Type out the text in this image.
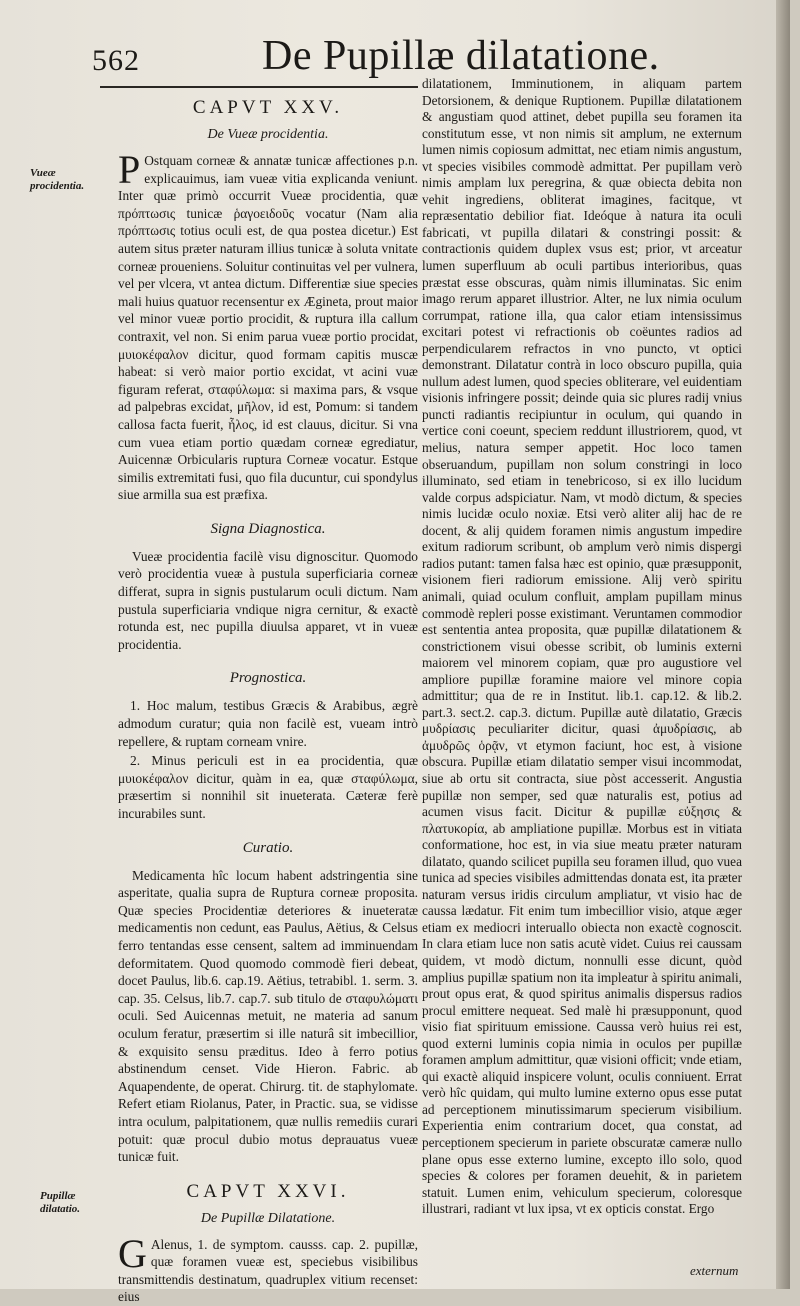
562	De Pupillæ dilatatione.
Vueæ procidentia.
Pupillæ dilatatio.
CAPVT XXV.
De Vueæ procidentia.

P Ostquam corneæ & annatæ tunicæ affectiones p.n. explicauimus, iam vueæ vitia explicanda veniunt. Inter quæ primò occurrit Vueæ procidentia, quæ πρόπτωσις tunicæ ῥαγοειδοῦς vocatur (Nam alia πρόπτωσις totius oculi est, de qua postea dicetur.) Est autem situs præter naturam illius tunicæ à soluta vnitate corneæ proueniens. Soluitur continuitas vel per vulnera, vel per vlcera, vt antea dictum. Differentiæ siue species mali huius quatuor recensentur ex Ægineta, prout maior vel minor vueæ portio procidit, & ruptura illa callum contraxit, vel non. Si enim parua vueæ portio procidat, μυιοκέφαλον dicitur, quod formam capitis muscæ habeat: si verò maior portio excidat, vt acini vuæ figuram referat, σταφύλωμα: si maxima pars, & vsque ad palpebras excidat, μῆλον, id est, Pomum: si tandem callosa facta fuerit, ἧλος, id est clauus, dicitur. Si vna cum vuea etiam portio quædam corneæ egrediatur, Auicennæ Orbicularis ruptura Corneæ vocatur. Estque similis extremitati fusi, quo fila ducuntur, cui spondylus siue armilla sua est præfixa.

Signa Diagnostica.

Vueæ procidentia facilè visu dignoscitur. Quomodo verò procidentia vueæ à pustula superficiaria corneæ differat, supra in signis pustularum oculi dictum. Nam pustula superficiaria vndique nigra cernitur, & exactè rotunda est, nec pupilla diuulsa apparet, vt in vueæ procidentia.

Prognostica.

1. Hoc malum, testibus Græcis & Arabibus, ægrè admodum curatur; quia non facilè est, vueam intrò repellere, & ruptam corneam vnire.

2. Minus periculi est in ea procidentia, quæ μυιοκέφαλον dicitur, quàm in ea, quæ σταφύλωμα, præsertim si nonnihil sit inueterata. Cæteræ ferè incurabiles sunt.

Curatio.

Medicamenta hîc locum habent adstringentia sine asperitate, qualia supra de Ruptura corneæ proposita. Quæ species Procidentiæ deteriores & inueteratæ medicamentis non cedunt, eas Paulus, Aëtius, & Celsus ferro tentandas esse censent, saltem ad imminuendam deformitatem. Quod quomodo commodè fieri debeat, docet Paulus, lib.6. cap.19. Aëtius, tetrabibl. 1. serm. 3. cap. 35. Celsus, lib.7. cap.7. sub titulo de σταφυλώματι oculi. Sed Auicennas metuit, ne materia ad sanum oculum feratur, præsertim si ille naturâ sit imbecillior, & exquisito sensu præditus. Ideo à ferro potius abstinendum censet. Vide Hieron. Fabric. ab Aquapendente, de operat. Chirurg. tit. de staphylomate. Refert etiam Riolanus, Pater, in Practic. sua, se vidisse intra oculum, palpitationem, quæ nullis remediis curari potuit: quæ procul dubio motus deprauatus vueæ tunicæ fuit.

CAPVT XXVI.
De Pupillæ Dilatatione.

G Alenus, 1. de symptom. causss. cap. 2. pupillæ, quæ foramen vueæ est, speciebus visibilibus transmittendis destinatum, quadruplex vitium recenset: eius

dilatationem, Imminutionem, in aliquam partem Detorsionem, & denique Ruptionem. Pupillæ dilatationem & angustiam quod attinet, debet pupilla seu foramen ita constitutum esse, vt non nimis sit amplum, ne externum lumen nimis copiosum admittat, nec etiam nimis angustum, vt species visibiles commodè admittat. Per pupillam verò nimis amplam lux peregrina, & quæ obiecta debita non vehit ingrediens, obliterat imagines, facitque, vt repræsentatio debilior fiat. Ideóque à natura ita oculi fabricati, vt pupilla dilatari & constringi possit: & contractionis quidem duplex vsus est; prior, vt arceatur lumen superfluum ab oculi partibus interioribus, quas præstat esse obscuras, quàm nimis illuminatas. Sic enim imago rerum apparet illustrior. Alter, ne lux nimia oculum corrumpat, ratione illa, qua calor etiam intensissimus excitari potest vi refractionis ob coëuntes radios ad perpendicularem refractos in vno puncto, vt optici demonstrant. Dilatatur contrà in loco obscuro pupilla, quia nullum adest lumen, quod species obliterare, vel euidentiam visionis infringere possit; deinde quia sic plures radij vnius puncti radiantis recipiuntur in oculum, qui quando in vertice coni coeunt, speciem reddunt illustriorem, quod, vt melius, natura semper appetit. Hoc loco tamen obseruandum, pupillam non solum constringi in loco illuminato, sed etiam in tenebricoso, si ex illo lucidum valde corpus adspiciatur. Nam, vt modò dictum, & species nimis lucidæ oculo noxiæ. Etsi verò aliter alij hac de re docent, & alij quidem foramen nimis angustum impedire exitum radiorum scribunt, ob amplum verò nimis dispergi radios putant: tamen falsa hæc est opinio, quæ præsupponit, visionem fieri radiorum emissione. Alij verò spiritu animali, quiad oculum confluit, amplam pupillam minus commodè repleri posse existimant. Veruntamen commodior est sententia antea proposita, quæ pupillæ dilatationem & constrictionem visui obesse scribit, ob luminis externi maiorem vel minorem copiam, quæ pro augustiore vel ampliore pupillæ foramine maiore vel minore copia admittitur; qua de re in Institut. lib.1. cap.12. & lib.2. part.3. sect.2. cap.3. dictum. Pupillæ autè dilatatio, Græcis μυδρίασις peculiariter dicitur, quasi ἀμυδρίασις, ab ἀμυδρῶς ὁρᾷν, vt etymon faciunt, hoc est, à visione obscura. Pupillæ etiam dilatatio semper visui incommodat, siue ab ortu sit contracta, siue pòst accesserit. Angustia pupillæ non semper, sed quæ naturalis est, potius ad acumen visus facit. Dicitur & pupillæ εὐξησις & πλατυκορία, ab ampliatione pupillæ. Morbus est in vitiata conformatione, hoc est, in via siue meatu præter naturam dilatato, quando scilicet pupilla seu foramen illud, quo vuea tunica ad species visibiles admittendas donata est, ita præter naturam versus iridis circulum ampliatur, vt visio hac de caussa lædatur. Fit enim tum imbecillior visio, atque æger etiam ex mediocri interuallo obiecta non exactè cognoscit. In clara etiam luce non satis acutè videt. Cuius rei caussam quidem, vt modò dictum, nonnulli esse dicunt, quòd amplius pupillæ spatium non ita impleatur à spiritu animali, prout opus erat, & quod spiritus animalis dispersus radios procul emittere nequeat. Sed malè hi præsupponunt, quod visio fiat spirituum emissione. Caussa verò huius rei est, quod externi luminis copia nimia in oculos per pupillæ foramen amplum admittitur, quæ visioni officit; vnde etiam, qui exactè aliquid inspicere volunt, oculis conniuent. Errat verò hîc quidam, qui multo lumine externo opus esse putat ad perceptionem minutissimarum specierum visibilium. Experientia enim contrarium docet, qua constat, ad perceptionem specierum in pariete obscuratæ cameræ nullo plane opus esse externo lumine, excepto illo solo, quod species & colores per foramen deuehit, & in parietem statuit. Lumen enim, vehiculum specierum, coloresque illustrari, radiant vt lux ipsa, vt ex opticis constat. Ergo

externum
